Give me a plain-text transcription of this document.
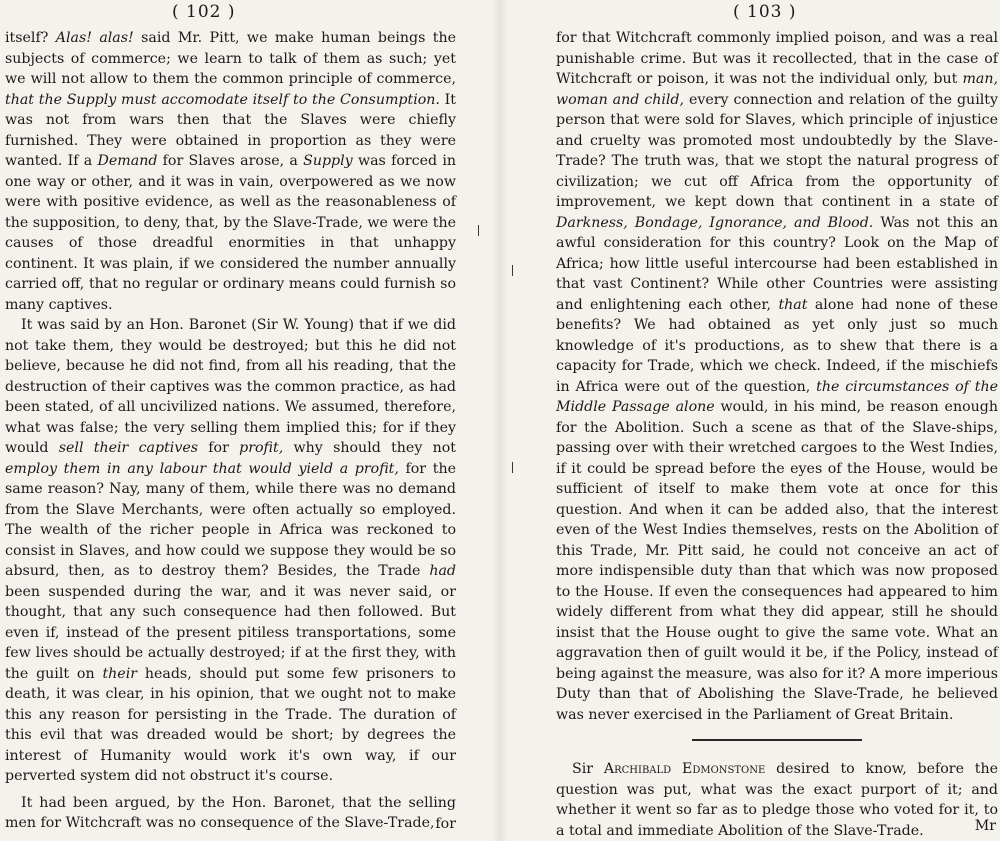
( 102 )

itself? Alas! alas! said Mr. Pitt, we make human beings the subjects of commerce; we learn to talk of them as such; yet we will not allow to them the common principle of commerce, that the Supply must accomodate itself to the Consumption. It was not from wars then that the Slaves were chiefly furnished. They were obtained in proportion as they were wanted. If a Demand for Slaves arose, a Supply was forced in one way or other, and it was in vain, overpowered as we now were with positive evidence, as well as the reasonableness of the supposition, to deny, that, by the Slave-Trade, we were the causes of those dreadful enormities in that unhappy continent. It was plain, if we considered the number annually carried off, that no regular or ordinary means could furnish so many captives.

It was said by an Hon. Baronet (Sir W. Young) that if we did not take them, they would be destroyed; but this he did not believe, because he did not find, from all his reading, that the destruction of their captives was the common practice, as had been stated, of all uncivilized nations. We assumed, therefore, what was false; the very selling them implied this; for if they would sell their captives for profit, why should they not employ them in any labour that would yield a profit, for the same reason? Nay, many of them, while there was no demand from the Slave Merchants, were often actually so employed. The wealth of the richer people in Africa was reckoned to consist in Slaves, and how could we suppose they would be so absurd, then, as to destroy them? Besides, the Trade had been suspended during the war, and it was never said, or thought, that any such consequence had then followed. But even if, instead of the present pitiless transportations, some few lives should be actually destroyed; if at the first they, with the guilt on their heads, should put some few prisoners to death, it was clear, in his opinion, that we ought not to make this any reason for persisting in the Trade. The duration of this evil that was dreaded would be short; by degrees the interest of Humanity would work it's own way, if our perverted system did not obstruct it's course.

It had been argued, by the Hon. Baronet, that the selling men for Witchcraft was no consequence of the Slave-Trade, for
( 103 )

for that Witchcraft commonly implied poison, and was a real punishable crime. But was it recollected, that in the case of Witchcraft or poison, it was not the individual only, but man, woman and child, every connection and relation of the guilty person that were sold for Slaves, which principle of injustice and cruelty was promoted most undoubtedly by the Slave-Trade? The truth was, that we stopt the natural progress of civilization; we cut off Africa from the opportunity of improvement, we kept down that continent in a state of Darkness, Bondage, Ignorance, and Blood. Was not this an awful consideration for this country? Look on the Map of Africa; how little useful intercourse had been established in that vast Continent? While other Countries were assisting and enlightening each other, that alone had none of these benefits? We had obtained as yet only just so much knowledge of it's productions, as to shew that there is a capacity for Trade, which we check. Indeed, if the mischiefs in Africa were out of the question, the circumstances of the Middle Passage alone would, in his mind, be reason enough for the Abolition. Such a scene as that of the Slave-ships, passing over with their wretched cargoes to the West Indies, if it could be spread before the eyes of the House, would be sufficient of itself to make them vote at once for this question. And when it can be added also, that the interest even of the West Indies themselves, rests on the Abolition of this Trade, Mr. Pitt said, he could not conceive an act of more indispensible duty than that which was now proposed to the House. If even the consequences had appeared to him widely different from what they did appear, still he should insist that the House ought to give the same vote. What an aggravation then of guilt would it be, if the Policy, instead of being against the measure, was also for it? A more imperious Duty than that of Abolishing the Slave-Trade, he believed was never exercised in the Parliament of Great Britain.

Sir Archibald Edmonstone desired to know, before the question was put, what was the exact purport of it; and whether it went so far as to pledge those who voted for it, to a total and immediate Abolition of the Slave-Trade.	Mr
